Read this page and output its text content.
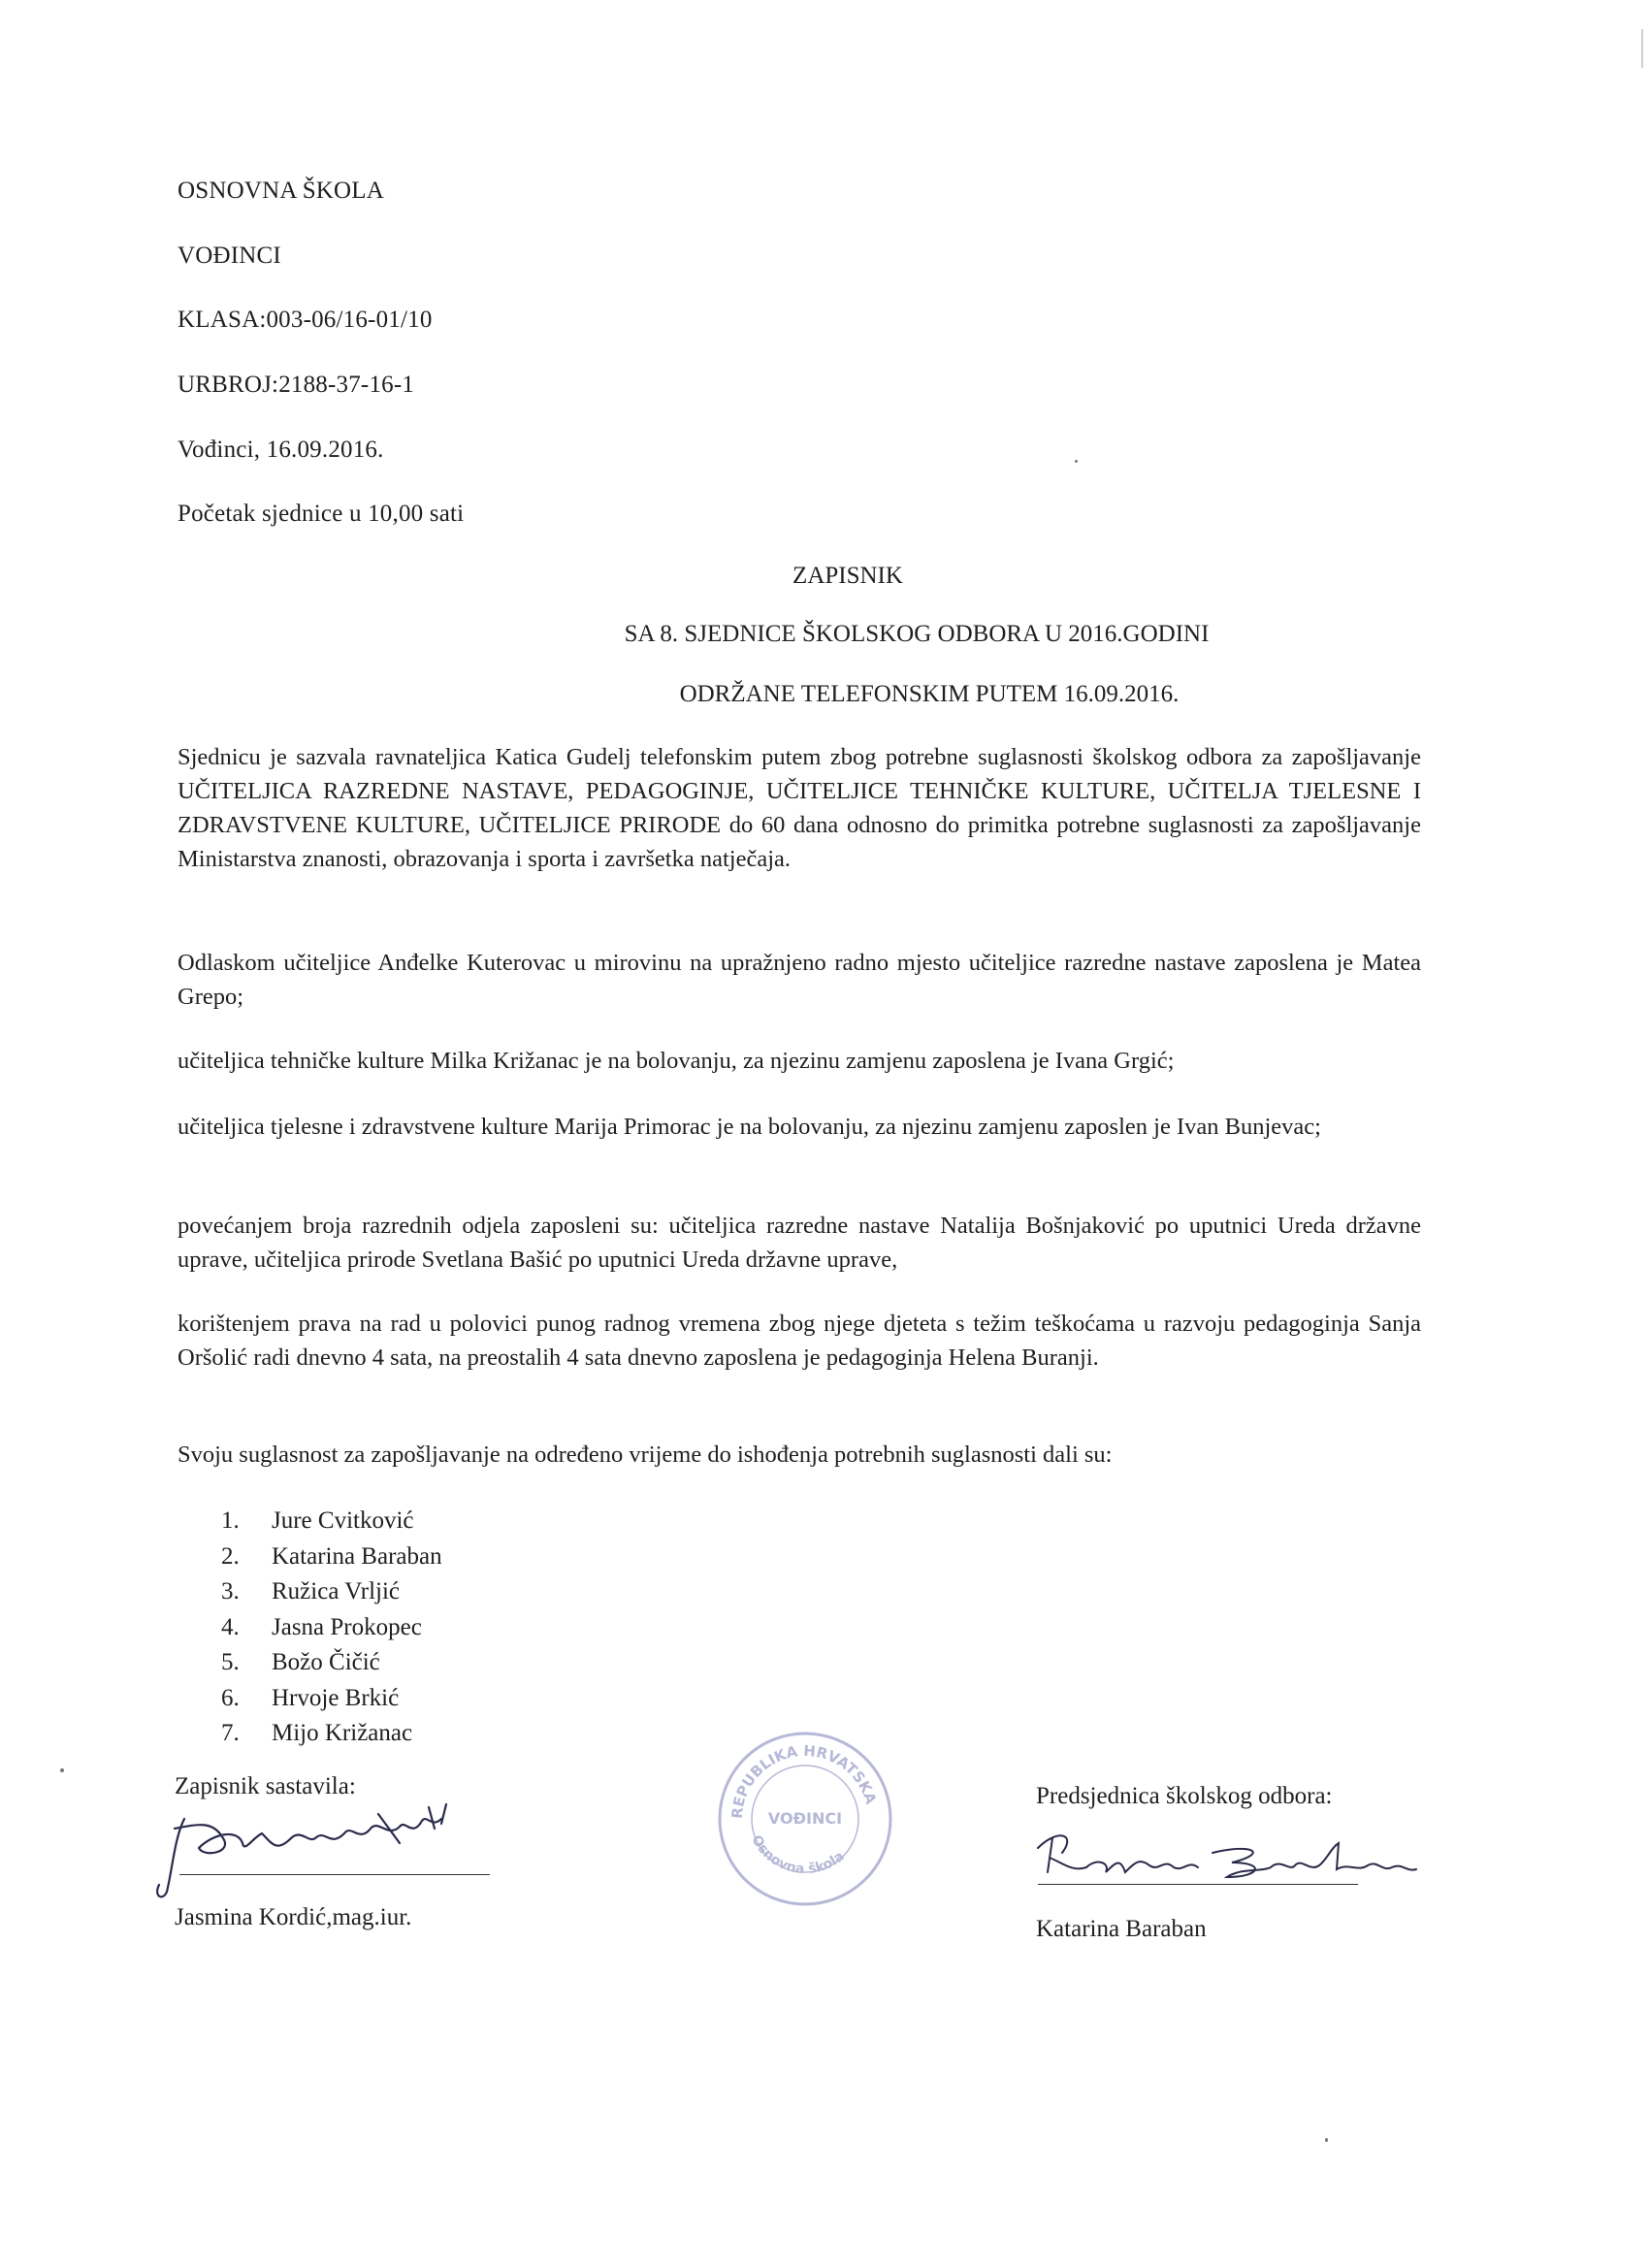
OSNOVNA ŠKOLA
VOĐINCI
KLASA:003-06/16-01/10
URBROJ:2188-37-16-1
Vođinci, 16.09.2016.
Početak sjednice u 10,00 sati
ZAPISNIK
SA 8. SJEDNICE ŠKOLSKOG ODBORA U 2016.GODINI
ODRŽANE TELEFONSKIM PUTEM 16.09.2016.
Sjednicu je sazvala ravnateljica Katica Gudelj telefonskim putem zbog potrebne suglasnosti školskog odbora za zapošljavanje UČITELJICA RAZREDNE NASTAVE, PEDAGOGINJE, UČITELJICE TEHNIČKE KULTURE, UČITELJA TJELESNE I ZDRAVSTVENE KULTURE, UČITELJICE PRIRODE do 60 dana odnosno do primitka potrebne suglasnosti za zapošljavanje Ministarstva znanosti, obrazovanja i sporta i završetka natječaja.
Odlaskom učiteljice Anđelke Kuterovac u mirovinu na upražnjeno radno mjesto učiteljice razredne nastave zaposlena je Matea Grepo;
učiteljica tehničke kulture Milka Križanac je na bolovanju, za njezinu zamjenu zaposlena je Ivana Grgić;
učiteljica tjelesne i zdravstvene kulture Marija Primorac je na bolovanju, za njezinu zamjenu zaposlen je Ivan Bunjevac;
povećanjem broja razrednih odjela zaposleni su: učiteljica razredne nastave Natalija Bošnjaković po uputnici Ureda državne uprave, učiteljica prirode Svetlana Bašić po uputnici Ureda državne uprave,
korištenjem prava na rad u polovici punog radnog vremena zbog njege djeteta s težim teškoćama u razvoju pedagoginja Sanja Oršolić radi dnevno 4 sata, na preostalih 4 sata dnevno zaposlena je pedagoginja Helena Buranji.
Svoju suglasnost za zapošljavanje na određeno vrijeme do ishođenja potrebnih suglasnosti dali su:
1.	Jure Cvitković
2.	Katarina Baraban
3.	Ružica Vrljić
4.	Jasna Prokopec
5.	Božo Čičić
6.	Hrvoje Brkić
7.	Mijo Križanac
Zapisnik sastavila:
Jasmina Kordić,mag.iur.
REPUBLIKA HRVATSKA
VOĐINCI
Osnovna škola
Predsjednica školskog odbora:
Katarina Baraban
